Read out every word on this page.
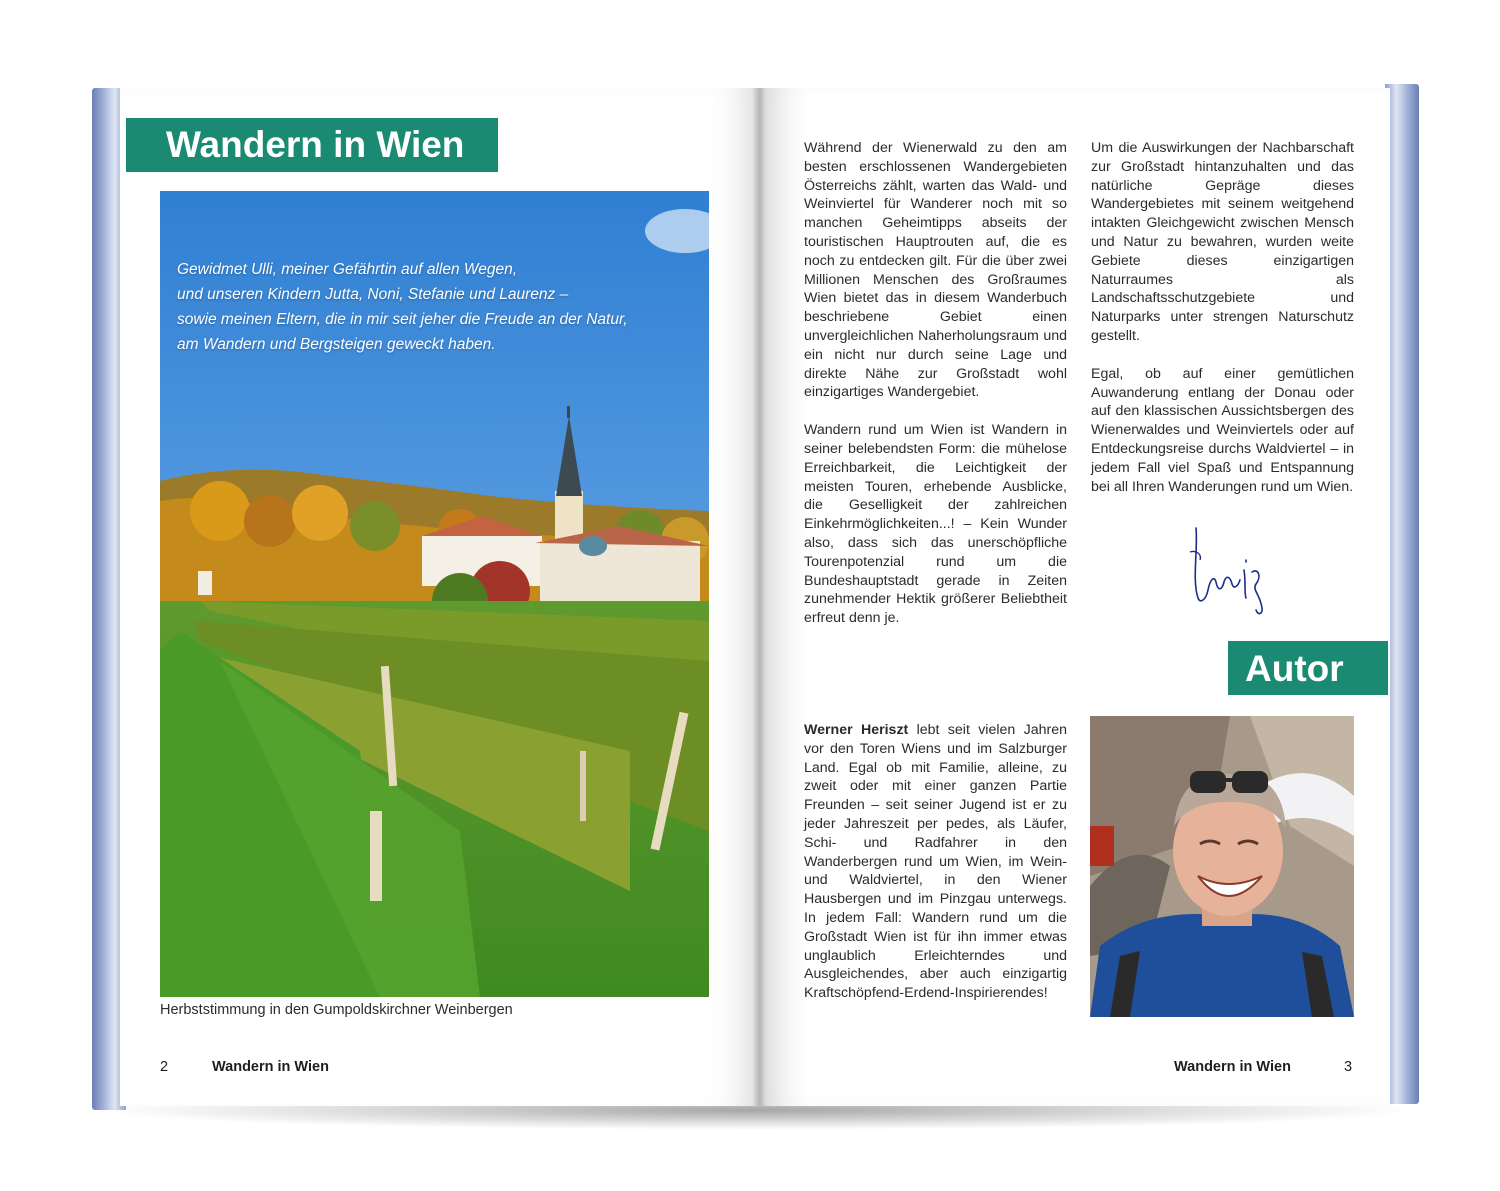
Wandern in Wien
Gewidmet Ulli, meiner Gefährtin auf allen Wegen,
und unseren Kindern Jutta, Noni, Stefanie und Laurenz –
sowie meinen Eltern, die in mir seit jeher die Freude an der Natur,
am Wandern und Bergsteigen geweckt haben.
Herbststimmung in den Gumpoldskirchner Weinbergen
2	Wandern in Wien

Während der Wienerwald zu den am besten erschlossenen Wandergebieten Österreichs zählt, warten das Wald- und Weinviertel für Wanderer noch mit so manchen Geheimtipps abseits der touristischen Hauptrouten auf, die es noch zu entdecken gilt. Für die über zwei Millionen Menschen des Großraumes Wien bietet das in diesem Wanderbuch beschriebene Gebiet einen unvergleichlichen Naherholungsraum und ein nicht nur durch seine Lage und direkte Nähe zur Großstadt wohl einzigartiges Wandergebiet.

Wandern rund um Wien ist Wandern in seiner belebendsten Form: die mühelose Erreichbarkeit, die Leichtigkeit der meisten Touren, erhebende Ausblicke, die Geselligkeit der zahlreichen Einkehrmöglichkeiten...! – Kein Wunder also, dass sich das unerschöpfliche Tourenpotenzial rund um die Bundeshauptstadt gerade in Zeiten zunehmender Hektik größerer Beliebtheit erfreut denn je.

Um die Auswirkungen der Nachbarschaft zur Großstadt hintanzuhalten und das natürliche Gepräge dieses Wandergebietes mit seinem weitgehend intakten Gleichgewicht zwischen Mensch und Natur zu bewahren, wurden weite Gebiete dieses einzigartigen Naturraumes als Landschaftsschutzgebiete und Naturparks unter strengen Naturschutz gestellt.

Egal, ob auf einer gemütlichen Auwanderung entlang der Donau oder auf den klassischen Aussichtsbergen des Wienerwaldes und Weinviertels oder auf Entdeckungsreise durchs Waldviertel – in jedem Fall viel Spaß und Entspannung bei all Ihren Wanderungen rund um Wien.

Autor
Werner Heriszt lebt seit vielen Jahren vor den Toren Wiens und im Salzburger Land. Egal ob mit Familie, alleine, zu zweit oder mit einer ganzen Partie Freunden – seit seiner Jugend ist er zu jeder Jahreszeit per pedes, als Läufer, Schi- und Radfahrer in den Wanderbergen rund um Wien, im Wein- und Waldviertel, in den Wiener Hausbergen und im Pinzgau unterwegs. In jedem Fall: Wandern rund um die Großstadt Wien ist für ihn immer etwas unglaublich Erleichterndes und Ausgleichendes, aber auch einzigartig Kraftschöpfend-Erdend-Inspirierendes!
Wandern in Wien	3
